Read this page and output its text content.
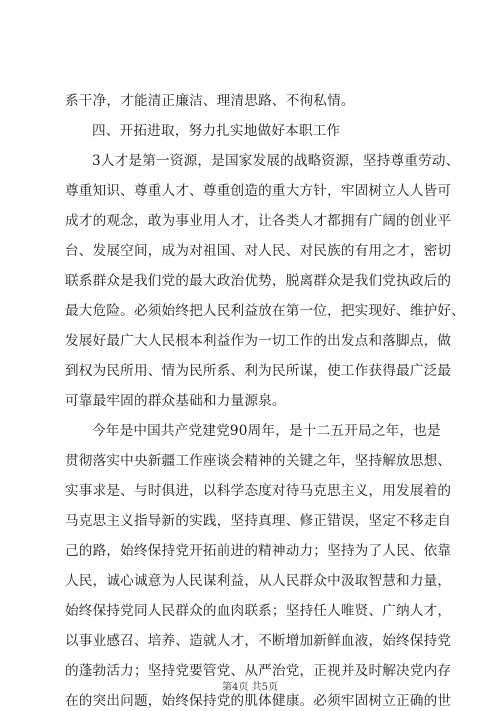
系干净，才能清正廉洁、理清思路、不徇私情。
四、开拓进取，努力扎实地做好本职工作
3人才是第一资源，是国家发展的战略资源，坚持尊重劳动、
尊重知识、尊重人才、尊重创造的重大方针，牢固树立人人皆可
成才的观念，敢为事业用人才，让各类人才都拥有广阔的创业平
台、发展空间，成为对祖国、对人民、对民族的有用之才，密切
联系群众是我们党的最大政治优势，脱离群众是我们党执政后的
最大危险。必须始终把人民利益放在第一位，把实现好、维护好、
发展好最广大人民根本利益作为一切工作的出发点和落脚点，做
到权为民所用、情为民所系、利为民所谋，使工作获得最广泛最
可靠最牢固的群众基础和力量源泉。
今年是中国共产党建党90周年，是十二五开局之年，也是
贯彻落实中央新疆工作座谈会精神的关键之年，坚持解放思想、
实事求是、与时俱进，以科学态度对待马克思主义，用发展着的
马克思主义指导新的实践，坚持真理、修正错误，坚定不移走自
己的路，始终保持党开拓前进的精神动力；坚持为了人民、依靠
人民，诚心诚意为人民谋利益，从人民群众中汲取智慧和力量，
始终保持党同人民群众的血肉联系；坚持任人唯贤、广纳人才，
以事业感召、培养、造就人才，不断增加新鲜血液，始终保持党
的蓬勃活力；坚持党要管党、从严治党，正视并及时解决党内存
在的突出问题，始终保持党的肌体健康。必须牢固树立正确的世
第4页 共5页
